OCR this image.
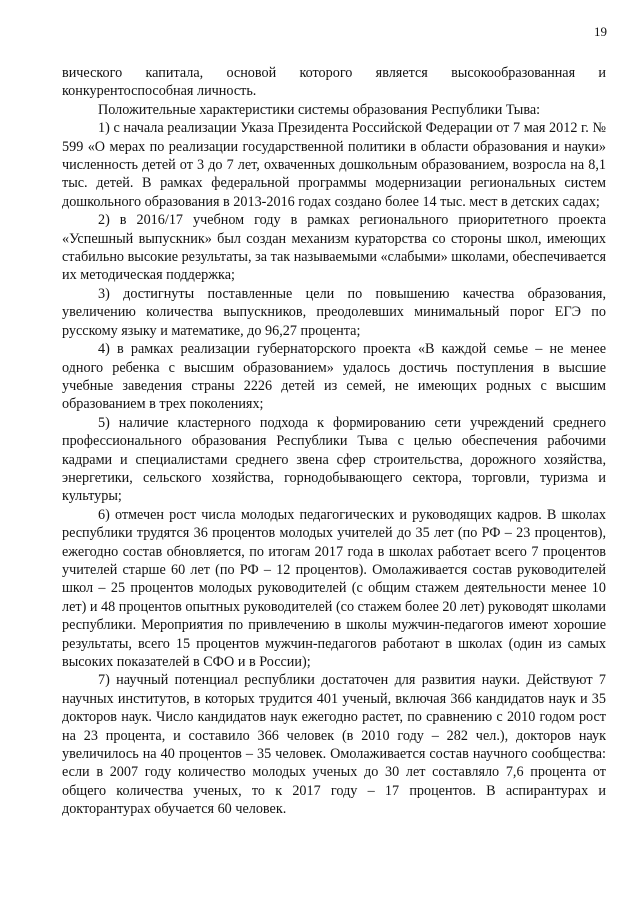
19

вического капитала, основой которого является высокообразованная и конкурентоспособная личность.

Положительные характеристики системы образования Республики Тыва:

1) с начала реализации Указа Президента Российской Федерации от 7 мая 2012 г. № 599 «О мерах по реализации государственной политики в области образования и науки» численность детей от 3 до 7 лет, охваченных дошкольным образованием, возросла на 8,1 тыс. детей. В рамках федеральной программы модернизации региональных систем дошкольного образования в 2013-2016 годах создано более 14 тыс. мест в детских садах;

2) в 2016/17 учебном году в рамках регионального приоритетного проекта «Успешный выпускник» был создан механизм кураторства со стороны школ, имеющих стабильно высокие результаты, за так называемыми «слабыми» школами, обеспечивается их методическая поддержка;

3) достигнуты поставленные цели по повышению качества образования, увеличению количества выпускников, преодолевших минимальный порог ЕГЭ по русскому языку и математике, до 96,27 процента;

4) в рамках реализации губернаторского проекта «В каждой семье – не менее одного ребенка с высшим образованием» удалось достичь поступления в высшие учебные заведения страны 2226 детей из семей, не имеющих родных с высшим образованием в трех поколениях;

5) наличие кластерного подхода к формированию сети учреждений среднего профессионального образования Республики Тыва с целью обеспечения рабочими кадрами и специалистами среднего звена сфер строительства, дорожного хозяйства, энергетики, сельского хозяйства, горнодобывающего сектора, торговли, туризма и культуры;

6) отмечен рост числа молодых педагогических и руководящих кадров. В школах республики трудятся 36 процентов молодых учителей до 35 лет (по РФ – 23 процентов), ежегодно состав обновляется, по итогам 2017 года в школах работает всего 7 процентов учителей старше 60 лет (по РФ – 12 процентов). Омолаживается состав руководителей школ – 25 процентов молодых руководителей (с общим стажем деятельности менее 10 лет) и 48 процентов опытных руководителей (со стажем более 20 лет) руководят школами республики. Мероприятия по привлечению в школы мужчин-педагогов имеют хорошие результаты, всего 15 процентов мужчин-педагогов работают в школах (один из самых высоких показателей в СФО и в России);

7) научный потенциал республики достаточен для развития науки. Действуют 7 научных институтов, в которых трудится 401 ученый, включая 366 кандидатов наук и 35 докторов наук. Число кандидатов наук ежегодно растет, по сравнению с 2010 годом рост на 23 процента, и составило 366 человек (в 2010 году – 282 чел.), докторов наук увеличилось на 40 процентов – 35 человек. Омолаживается состав научного сообщества: если в 2007 году количество молодых ученых до 30 лет составляло 7,6 процента от общего количества ученых, то к 2017 году – 17 процентов. В аспирантурах и докторантурах обучается 60 человек.
